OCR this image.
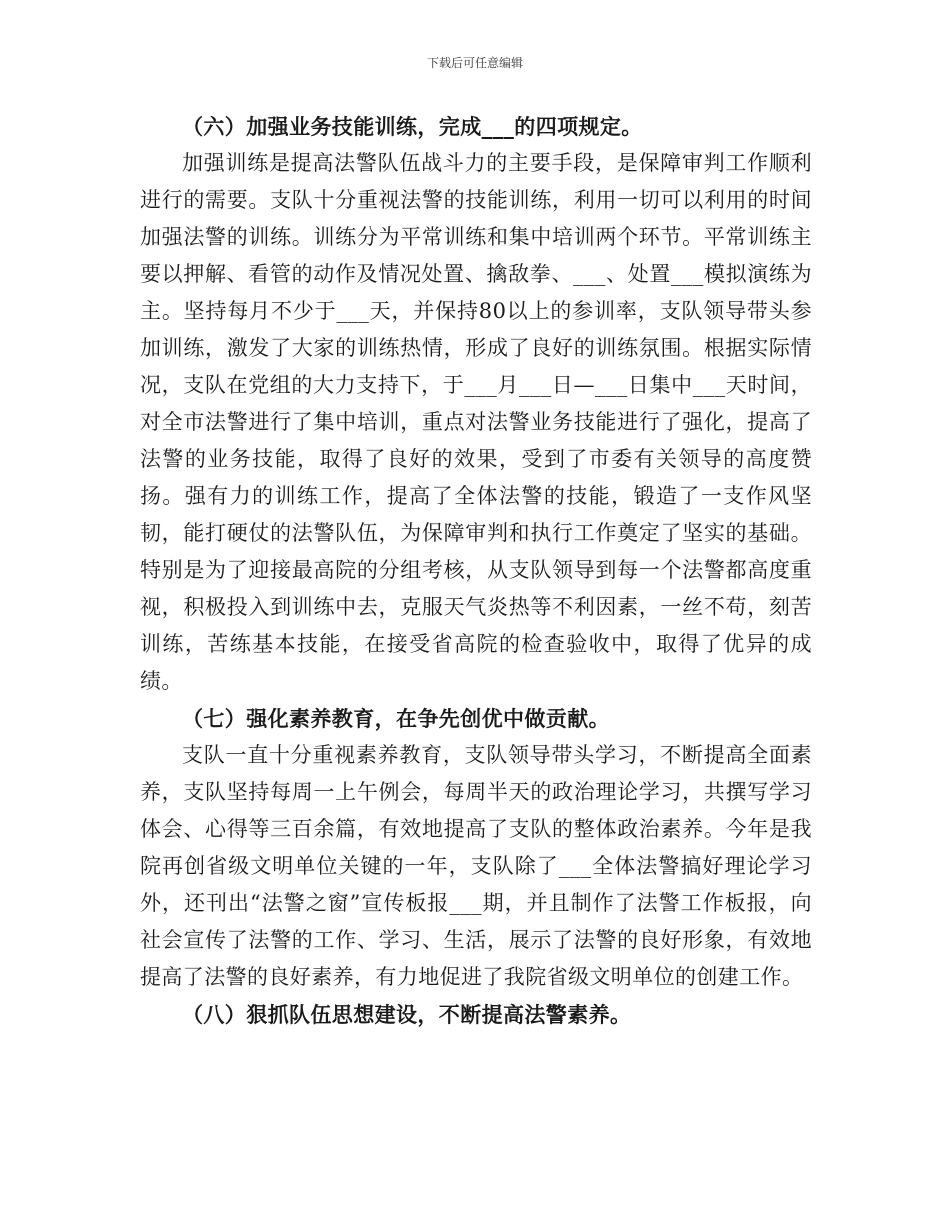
下载后可任意编辑

（六）加强业务技能训练，完成___的四项规定。

加强训练是提高法警队伍战斗力的主要手段，是保障审判工作顺利进行的需要。支队十分重视法警的技能训练，利用一切可以利用的时间加强法警的训练。训练分为平常训练和集中培训两个环节。平常训练主要以押解、看管的动作及情况处置、擒敌拳、___、处置___模拟演练为主。坚持每月不少于___天，并保持80以上的参训率，支队领导带头参加训练，激发了大家的训练热情，形成了良好的训练氛围。根据实际情况，支队在党组的大力支持下，于___月___日—___日集中___天时间，对全市法警进行了集中培训，重点对法警业务技能进行了强化，提高了法警的业务技能，取得了良好的效果，受到了市委有关领导的高度赞扬。强有力的训练工作，提高了全体法警的技能，锻造了一支作风坚韧，能打硬仗的法警队伍，为保障审判和执行工作奠定了坚实的基础。特别是为了迎接最高院的分组考核，从支队领导到每一个法警都高度重视，积极投入到训练中去，克服天气炎热等不利因素，一丝不苟，刻苦训练，苦练基本技能，在接受省高院的检查验收中，取得了优异的成绩。

（七）强化素养教育，在争先创优中做贡献。

支队一直十分重视素养教育，支队领导带头学习，不断提高全面素养，支队坚持每周一上午例会，每周半天的政治理论学习，共撰写学习体会、心得等三百余篇，有效地提高了支队的整体政治素养。今年是我院再创省级文明单位关键的一年，支队除了___全体法警搞好理论学习外，还刊出“法警之窗”宣传板报___期，并且制作了法警工作板报，向社会宣传了法警的工作、学习、生活，展示了法警的良好形象，有效地提高了法警的良好素养，有力地促进了我院省级文明单位的创建工作。

（八）狠抓队伍思想建设，不断提高法警素养。
